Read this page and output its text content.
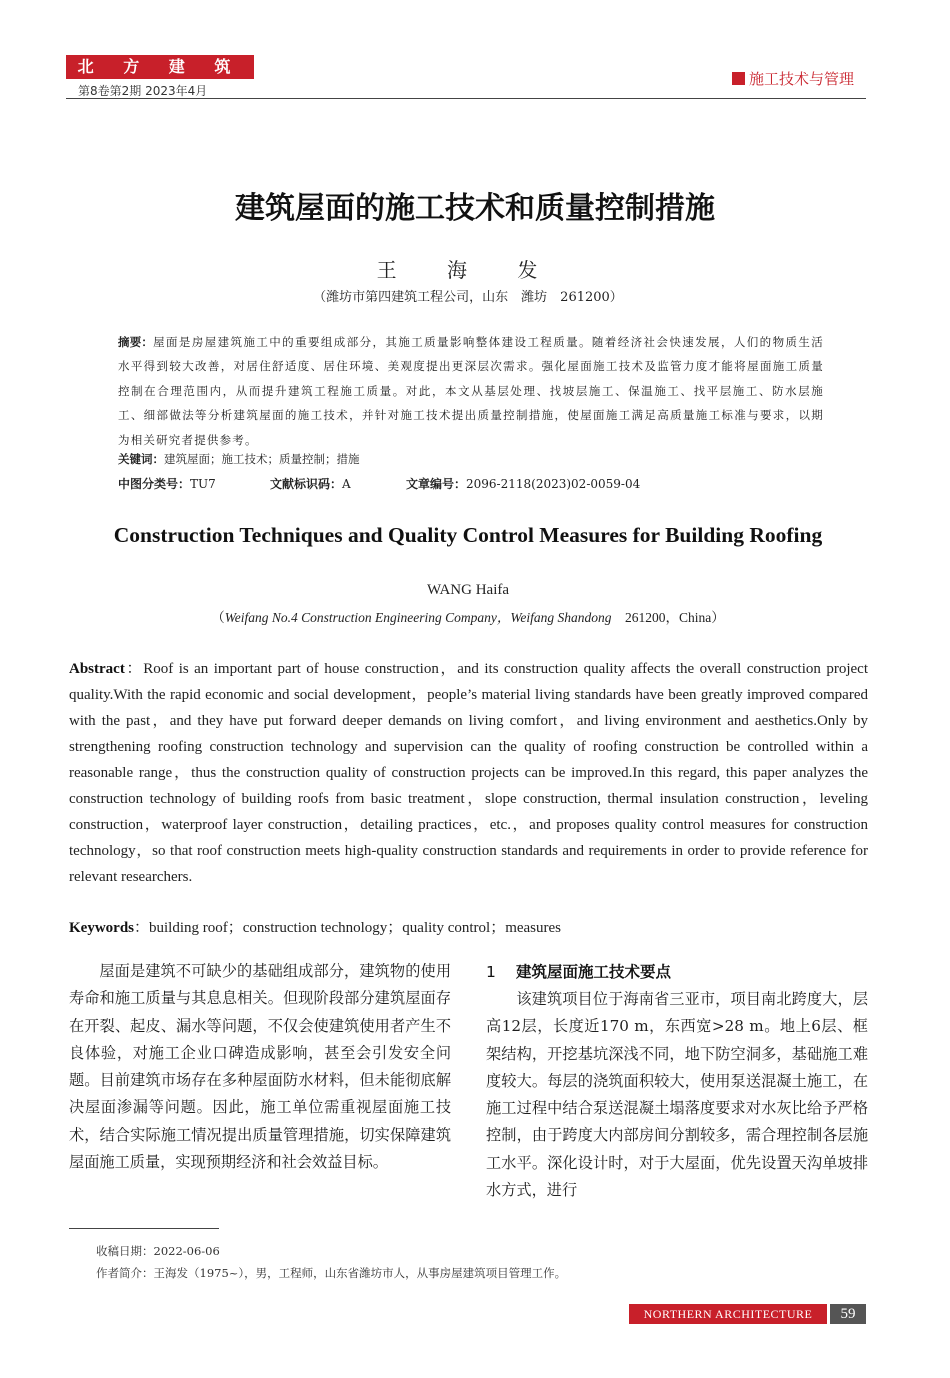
北 方 建 筑
第8卷第2期 2023年4月
施工技术与管理
建筑屋面的施工技术和质量控制措施
王 海 发
（潍坊市第四建筑工程公司，山东　潍坊　261200）
摘要：屋面是房屋建筑施工中的重要组成部分，其施工质量影响整体建设工程质量。随着经济社会快速发展，人们的物质生活水平得到较大改善，对居住舒适度、居住环境、美观度提出更深层次需求。强化屋面施工技术及监管力度才能将屋面施工质量控制在合理范围内，从而提升建筑工程施工质量。对此，本文从基层处理、找坡层施工、保温施工、找平层施工、防水层施工、细部做法等分析建筑屋面的施工技术，并针对施工技术提出质量控制措施，使屋面施工满足高质量施工标准与要求，以期为相关研究者提供参考。
关键词：建筑屋面；施工技术；质量控制；措施
中图分类号：TU7	文献标识码：A	文章编号：2096-2118(2023)02-0059-04
Construction Techniques and Quality Control Measures for Building Roofing
WANG Haifa
（Weifang No.4 Construction Engineering Company，Weifang Shandong　261200，China）
Abstract：Roof is an important part of house construction，and its construction quality affects the overall construction project quality.With the rapid economic and social development，people’s material living standards have been greatly improved compared with the past，and they have put forward deeper demands on living comfort，and living environment and aesthetics.Only by strengthening roofing construction technology and supervision can the quality of roofing construction be controlled within a reasonable range，thus the construction quality of construction projects can be improved.In this regard, this paper analyzes the construction technology of building roofs from basic treatment，slope construction, thermal insulation construction，leveling construction，waterproof layer construction，detailing practices，etc.，and proposes quality control measures for construction technology，so that roof construction meets high-quality construction standards and requirements in order to provide reference for relevant researchers.
Keywords：building roof；construction technology；quality control；measures
屋面是建筑不可缺少的基础组成部分，建筑物的使用寿命和施工质量与其息息相关。但现阶段部分建筑屋面存在开裂、起皮、漏水等问题，不仅会使建筑使用者产生不良体验，对施工企业口碑造成影响，甚至会引发安全问题。目前建筑市场存在多种屋面防水材料，但未能彻底解决屋面渗漏等问题。因此，施工单位需重视屋面施工技术，结合实际施工情况提出质量管理措施，切实保障建筑屋面施工质量，实现预期经济和社会效益目标。
1 建筑屋面施工技术要点

该建筑项目位于海南省三亚市，项目南北跨度大，层高12层，长度近170 m，东西宽>28 m。地上6层、框架结构，开挖基坑深浅不同，地下防空洞多，基础施工难度较大。每层的浇筑面积较大，使用泵送混凝土施工，在施工过程中结合泵送混凝土塌落度要求对水灰比给予严格控制，由于跨度大内部房间分割较多，需合理控制各层施工水平。深化设计时，对于大屋面，优先设置天沟单坡排水方式，进行

收稿日期：2022-06-06
作者简介：王海发（1975~），男，工程师，山东省潍坊市人，从事房屋建筑项目管理工作。
NORTHERN ARCHITECTURE	59
